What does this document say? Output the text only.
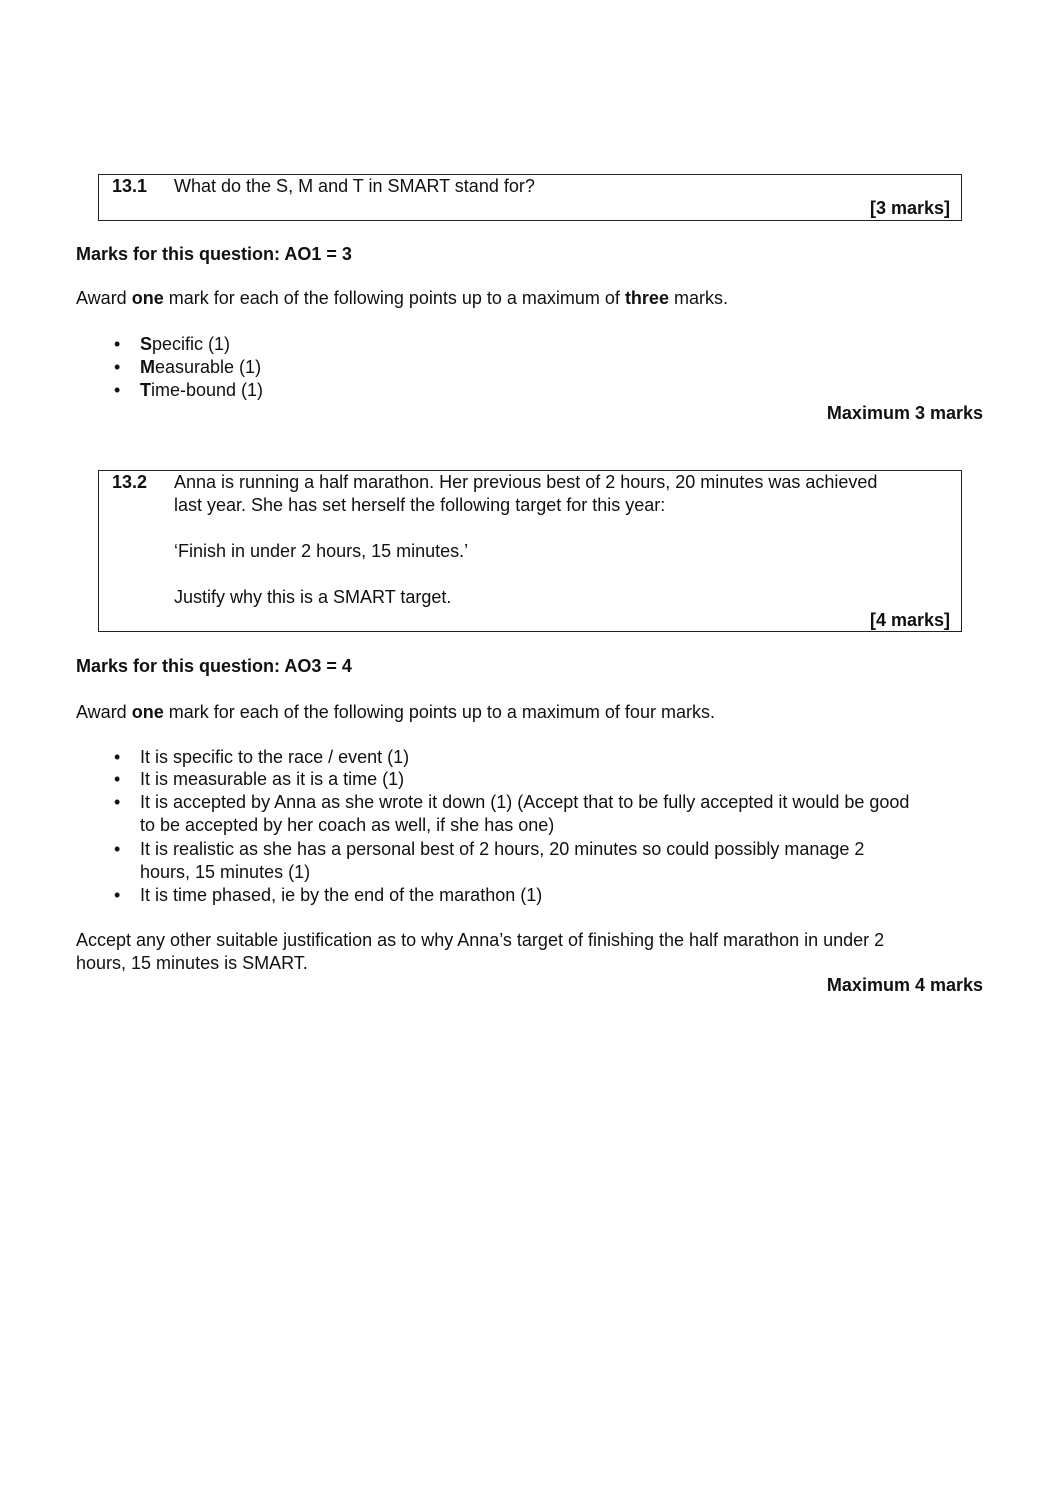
13.1 What do the S, M and T in SMART stand for?
[3 marks]
Marks for this question: AO1 = 3
Award one mark for each of the following points up to a maximum of three marks.
• Specific (1)
• Measurable (1)
• Time-bound (1)
Maximum 3 marks
13.2 Anna is running a half marathon. Her previous best of 2 hours, 20 minutes was achieved
last year. She has set herself the following target for this year:
‘Finish in under 2 hours, 15 minutes.’
Justify why this is a SMART target.
[4 marks]
Marks for this question: AO3 = 4
Award one mark for each of the following points up to a maximum of four marks.
• It is specific to the race / event (1)
• It is measurable as it is a time (1)
• It is accepted by Anna as she wrote it down (1) (Accept that to be fully accepted it would be good
to be accepted by her coach as well, if she has one)
• It is realistic as she has a personal best of 2 hours, 20 minutes so could possibly manage 2
hours, 15 minutes (1)
• It is time phased, ie by the end of the marathon (1)
Accept any other suitable justification as to why Anna’s target of finishing the half marathon in under 2
hours, 15 minutes is SMART.
Maximum 4 marks
